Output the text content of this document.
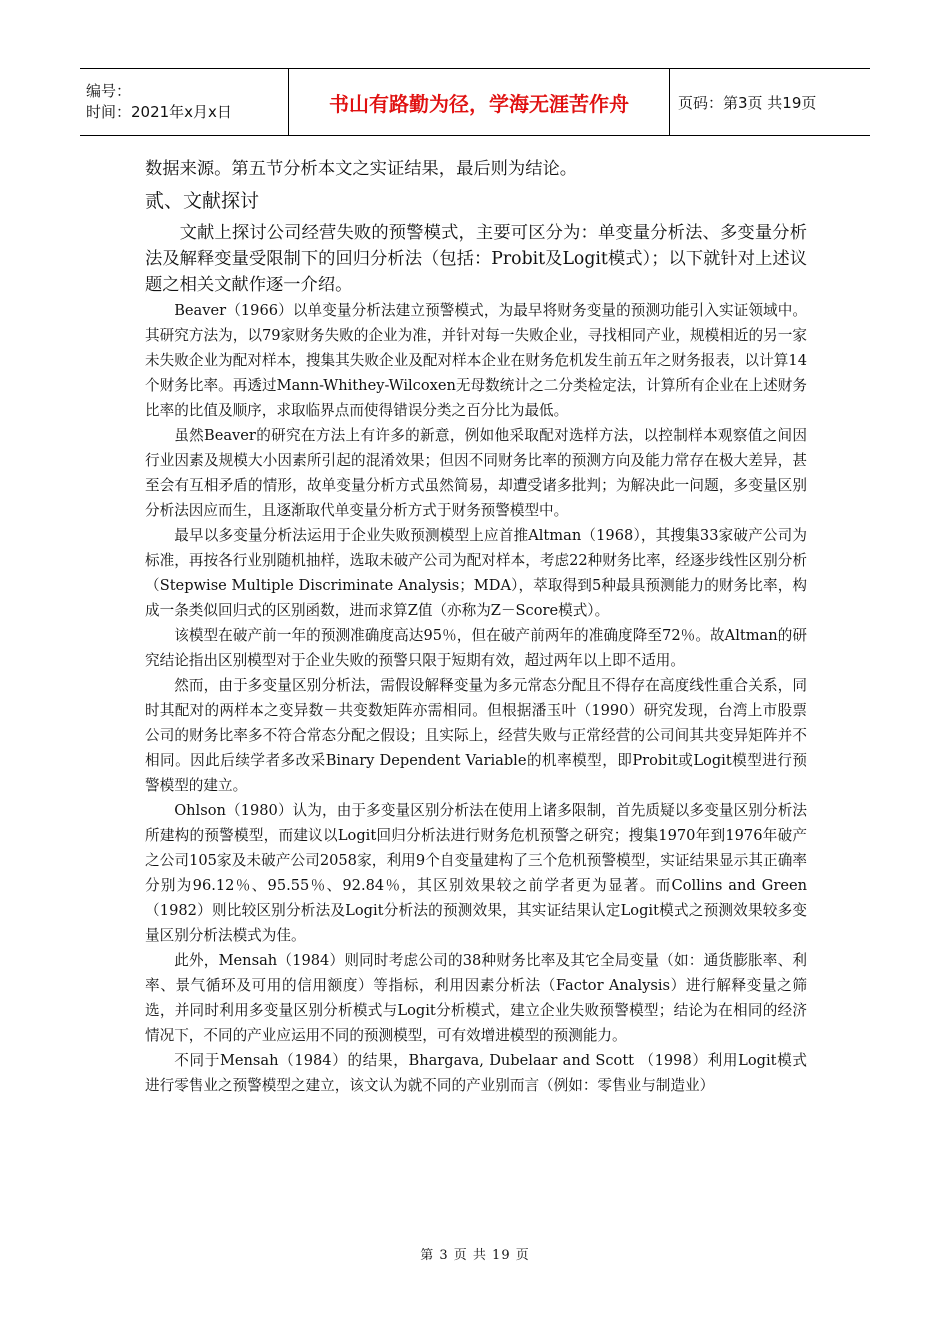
编号：
时间：2021年x月x日	书山有路勤为径，学海无涯苦作舟	页码：第3页 共19页

数据来源。第五节分析本文之实证结果，最后则为结论。

贰、文献探讨

文献上探讨公司经营失败的预警模式，主要可区分为：单变量分析法、多变量分析法及解释变量受限制下的回归分析法（包括：Probit及Logit模式）；以下就针对上述议题之相关文献作逐一介绍。

Beaver（1966）以单变量分析法建立预警模式，为最早将财务变量的预测功能引入实证领域中。其研究方法为，以79家财务失败的企业为准，并针对每一失败企业，寻找相同产业，规模相近的另一家未失败企业为配对样本，搜集其失败企业及配对样本企业在财务危机发生前五年之财务报表，以计算14个财务比率。再透过Mann-Whithey-Wilcoxen无母数统计之二分类检定法，计算所有企业在上述财务比率的比值及顺序，求取临界点而使得错误分类之百分比为最低。

虽然Beaver的研究在方法上有许多的新意，例如他采取配对选样方法，以控制样本观察值之间因行业因素及规模大小因素所引起的混淆效果；但因不同财务比率的预测方向及能力常存在极大差异，甚至会有互相矛盾的情形，故单变量分析方式虽然简易，却遭受诸多批判；为解决此一问题，多变量区别分析法因应而生，且逐渐取代单变量分析方式于财务预警模型中。

最早以多变量分析法运用于企业失败预测模型上应首推Altman（1968），其搜集33家破产公司为标准，再按各行业别随机抽样，选取未破产公司为配对样本，考虑22种财务比率，经逐步线性区别分析（Stepwise Multiple Discriminate Analysis；MDA），萃取得到5种最具预测能力的财务比率，构成一条类似回归式的区别函数，进而求算Z值（亦称为Z－Score模式）。

该模型在破产前一年的预测准确度高达95％，但在破产前两年的准确度降至72％。故Altman的研究结论指出区别模型对于企业失败的预警只限于短期有效，超过两年以上即不适用。

然而，由于多变量区别分析法，需假设解释变量为多元常态分配且不得存在高度线性重合关系，同时其配对的两样本之变异数－共变数矩阵亦需相同。但根据潘玉叶（1990）研究发现，台湾上市股票公司的财务比率多不符合常态分配之假设；且实际上，经营失败与正常经营的公司间其共变异矩阵并不相同。因此后续学者多改采Binary Dependent Variable的机率模型，即Probit或Logit模型进行预警模型的建立。

Ohlson（1980）认为，由于多变量区别分析法在使用上诸多限制，首先质疑以多变量区别分析法所建构的预警模型，而建议以Logit回归分析法进行财务危机预警之研究；搜集1970年到1976年破产之公司105家及未破产公司2058家，利用9个自变量建构了三个危机预警模型，实证结果显示其正确率分别为96.12％、95.55％、92.84％，其区别效果较之前学者更为显著。而Collins and Green（1982）则比较区别分析法及Logit分析法的预测效果，其实证结果认定Logit模式之预测效果较多变量区别分析法模式为佳。

此外，Mensah（1984）则同时考虑公司的38种财务比率及其它全局变量（如：通货膨胀率、利率、景气循环及可用的信用额度）等指标，利用因素分析法（Factor Analysis）进行解释变量之筛选，并同时利用多变量区别分析模式与Logit分析模式，建立企业失败预警模型；结论为在相同的经济情况下，不同的产业应运用不同的预测模型，可有效增进模型的预测能力。

不同于Mensah（1984）的结果，Bhargava, Dubelaar and Scott （1998）利用Logit模式进行零售业之预警模型之建立，该文认为就不同的产业别而言（例如：零售业与制造业）

第 3 页 共 19 页
